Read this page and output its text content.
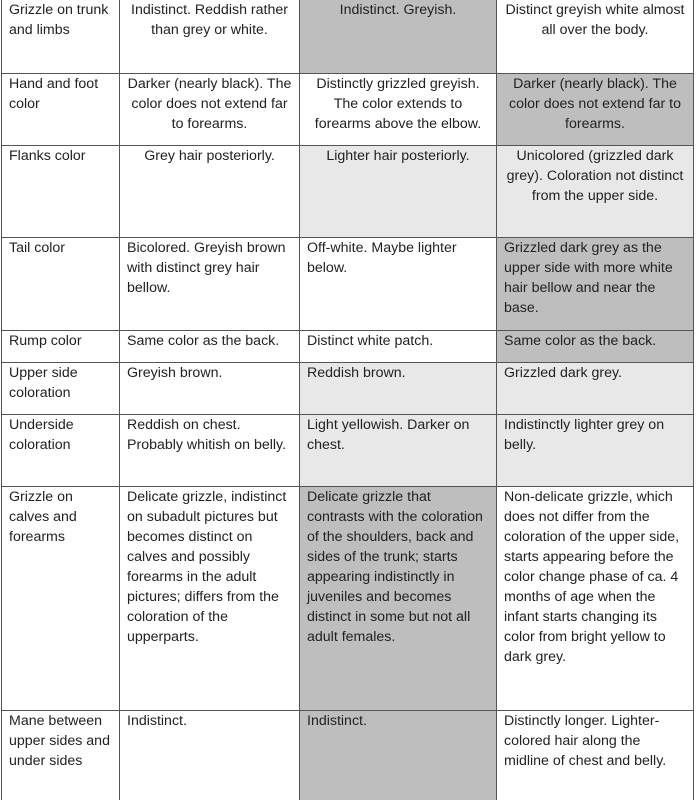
Grizzle on trunk and limbs	Indistinct. Reddish rather than grey or white.	Indistinct. Greyish.	Distinct greyish white almost all over the body.
Hand and foot color	Darker (nearly black). The color does not extend far to forearms.	Distinctly grizzled greyish. The color extends to forearms above the elbow.	Darker (nearly black). The color does not extend far to forearms.
Flanks color	Grey hair posteriorly.	Lighter hair posteriorly.	Unicolored (grizzled dark grey). Coloration not distinct from the upper side.
Tail color	Bicolored. Greyish brown with distinct grey hair bellow.	Off-white. Maybe lighter below.	Grizzled dark grey as the upper side with more white hair bellow and near the base.
Rump color	Same color as the back.	Distinct white patch.	Same color as the back.
Upper side coloration	Greyish brown.	Reddish brown.	Grizzled dark grey.
Underside coloration	Reddish on chest. Probably whitish on belly.	Light yellowish. Darker on chest.	Indistinctly lighter grey on belly.
Grizzle on calves and forearms	Delicate grizzle, indistinct on subadult pictures but becomes distinct on calves and possibly forearms in the adult pictures; differs from the coloration of the upperparts.	Delicate grizzle that contrasts with the coloration of the shoulders, back and sides of the trunk; starts appearing indistinctly in juveniles and becomes distinct in some but not all adult females.	Non-delicate grizzle, which does not differ from the coloration of the upper side, starts appearing before the color change phase of ca. 4 months of age when the infant starts changing its color from bright yellow to dark grey.
Mane between upper sides and under sides	Indistinct.	Indistinct.	Distinctly longer. Lighter-colored hair along the midline of chest and belly.
